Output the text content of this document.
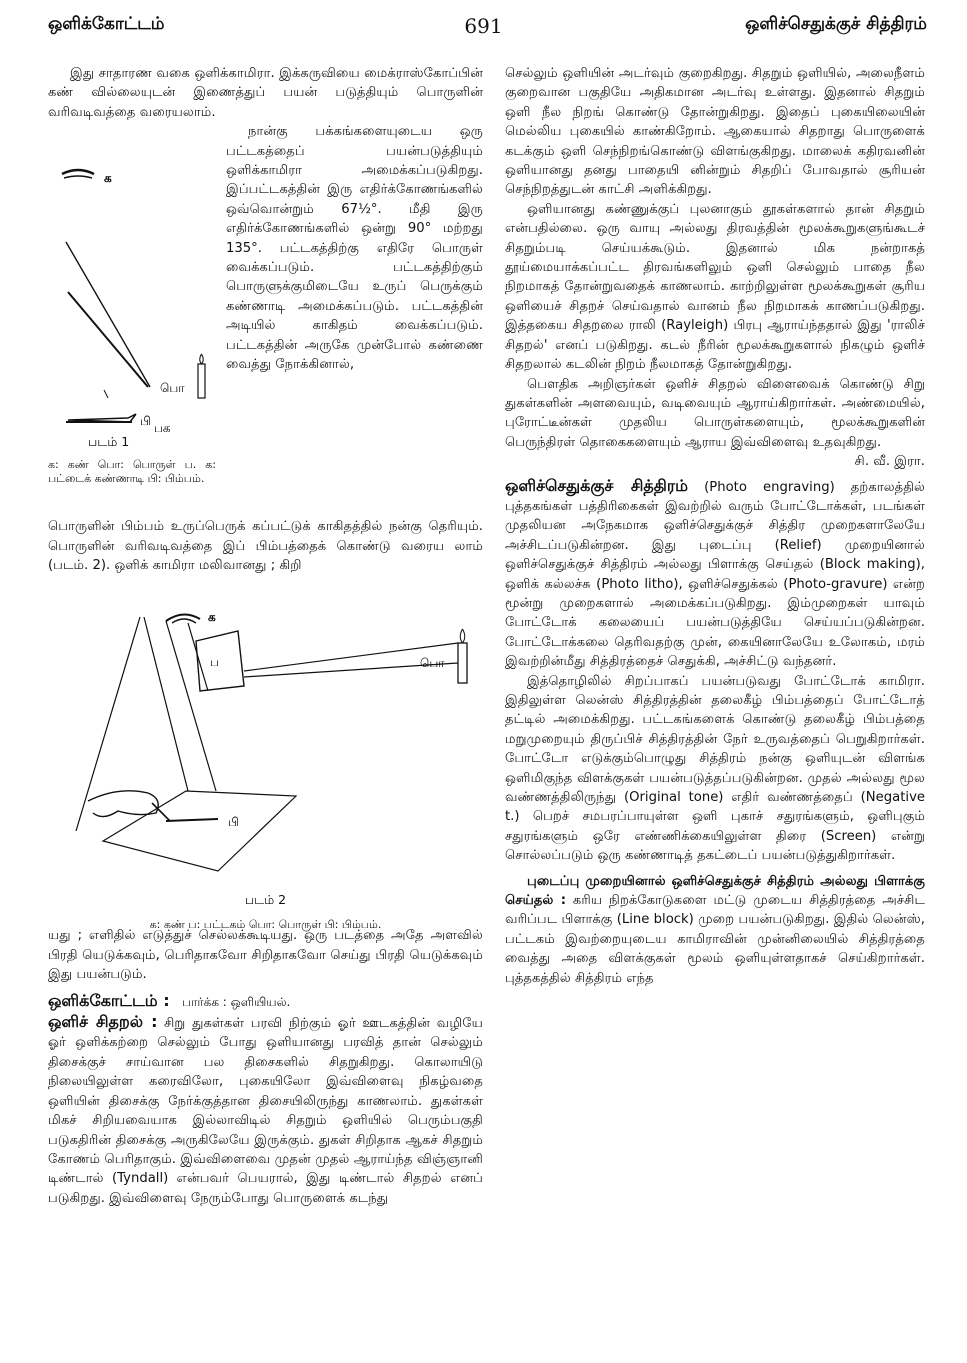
ஒளிக்கோட்டம்	691	ஒளிச்செதுக்குச் சித்திரம்

இது சாதாரண வகை ஒளிக்காமிரா. இக்கருவியை மைக்ராஸ்கோப்பின் கண் வில்லையுடன் இணைத்துப் பயன் படுத்தியும் பொருளின் வரிவடிவத்தை வரையலாம்.

க
பொ
பக
பி
படம் 1
க: கண் பொ: பொருள் ப. க: பட்டைக் கண்ணாடி பி: பிம்பம்.

நான்கு பக்கங்களையுடைய ஒரு பட்டகத்தைப் பயன்படுத்தியும் ஒளிக்காமிரா அமைக்கப்படுகிறது. இப்பட்டகத்தின் இரு எதிர்க்கோணங்களில் ஒவ்வொன்றும் 67½°. மீதி இரு எதிர்க்கோணங்களில் ஒன்று 90° மற்றது 135°. பட்டகத்திற்கு எதிரே பொருள் வைக்கப்படும். பட்டகத்திற்கும் பொருளுக்குமிடையே உருப் பெருக்கும் கண்ணாடி அமைக்கப்படும். பட்டகத்தின் அடியில் காகிதம் வைக்கப்படும். பட்டகத்தின் அருகே முன்போல் கண்ணை வைத்து நோக்கினால்,

பொருளின் பிம்பம் உருப்பெருக் கப்பட்டுக் காகிதத்தில் நன்கு தெரியும். பொருளின் வரிவடிவத்தை இப் பிம்பத்தைக் கொண்டு வரைய லாம் (படம். 2). ஒளிக் காமிரா மலிவானது ; கிறி

க
ப	பொ
பி
படம் 2
க: கண் ப: பட்டகம் பொ: பொருள் பி: பிம்பம்.

யது ; எளிதில் எடுத்துச் செல்லக்கூடியது. ஒரு படத்தை அதே அளவில் பிரதி யெடுக்கவும், பெரிதாகவோ சிறிதாகவோ செய்து பிரதி யெடுக்கவும் இது பயன்படும்.

ஒளிக்கோட்டம் : பார்க்க : ஒளியியல்.

ஒளிச் சிதறல் : சிறு துகள்கள் பரவி நிற்கும் ஓர் ஊடகத்தின் வழியே ஓர் ஒளிக்கற்றை செல்லும் போது ஒளியானது பரவித் தான் செல்லும் திசைக்குச் சாய்வான பல திசைகளில் சிதறுகிறது. கொலாயிடு நிலையிலுள்ள கரைவிலோ, புகையிலோ இவ்விளைவு நிகழ்வதை ஒளியின் திசைக்கு நேர்க்குத்தான திசையிலிருந்து காணலாம். துகள்கள் மிகச் சிறியவையாக இல்லாவிடில் சிதறும் ஒளியில் பெரும்பகுதி படுகதிரின் திசைக்கு அருகிலேயே இருக்கும். துகள் சிறிதாக ஆகச் சிதறும் கோணம் பெரிதாகும். இவ்விளைவை முதன் முதல் ஆராய்ந்த விஞ்ஞானி டிண்டால் (Tyndall) என்பவர் பெயரால், இது டிண்டால் சிதறல் எனப் படுகிறது. இவ்விளைவு நேரும்போது பொருளைக் கடந்து

செல்லும் ஒளியின் அடர்வும் குறைகிறது. சிதறும் ஒளியில், அலைநீளம் குறைவான பகுதியே அதிகமான அடர்வு உள்ளது. இதனால் சிதறும் ஒளி நீல நிறங் கொண்டு தோன்றுகிறது. இதைப் புகையிலையின் மெல்லிய புகையில் காண்கிறோம். ஆகையால் சிதறாது பொருளைக் கடக்கும் ஒளி செந்நிறங்கொண்டு விளங்குகிறது. மாலைக் கதிரவனின் ஒளியானது தனது பாதையி னின்றும் சிதறிப் போவதால் சூரியன் செந்நிறத்துடன் காட்சி அளிக்கிறது.

ஒளியானது கண்ணுக்குப் புலனாகும் தூகள்களால் தான் சிதறும் என்பதில்லை. ஒரு வாயு அல்லது திரவத்தின் மூலக்கூறுகளுங்கூடச் சிதறும்படி செய்யக்கூடும். இதனால் மிக நன்றாகத் தூய்மையாக்கப்பட்ட திரவங்களிலும் ஒளி செல்லும் பாதை நீல நிறமாகத் தோன்றுவதைக் காணலாம். காற்றிலுள்ள மூலக்கூறுகள் சூரிய ஒளியைச் சிதறச் செய்வதால் வானம் நீல நிறமாகக் காணப்படுகிறது. இத்தகைய சிதறலை ராலி (Rayleigh) பிரபு ஆராய்ந்ததால் இது 'ராலிச் சிதறல்' எனப் படுகிறது. கடல் நீரின் மூலக்கூறுகளால் நிகழும் ஒளிச் சிதறலால் கடலின் நிறம் நீலமாகத் தோன்றுகிறது.

பௌதிக அறிஞர்கள் ஒளிச் சிதறல் விளைவைக் கொண்டு சிறு துகள்களின் அளவையும், வடிவையும் ஆராய்கிறார்கள். அண்மையில், புரோட்டீன்கள் முதலிய பொருள்களையும், மூலக்கூறுகளின் பெருந்திரள் தொகைகளையும் ஆராய இவ்விளைவு உதவுகிறது.

சி. வீ. இரா.

ஒளிச்செதுக்குச் சித்திரம் (Photo engraving) தற்காலத்தில் புத்தகங்கள் பத்திரிகைகள் இவற்றில் வரும் போட்டோக்கள், படங்கள் முதலியன அநேகமாக ஒளிச்செதுக்குச் சித்திர முறைகளாலேயே அச்சிடப்படுகின்றன. இது புடைப்பு (Relief) முறையினால் ஒளிச்செதுக்குச் சித்திரம் அல்லது பிளாக்கு செய்தல் (Block making), ஒளிக் கல்லச்சு (Photo litho), ஒளிச்செதுக்கல் (Photo-gravure) என்ற மூன்று முறைகளால் அமைக்கப்படுகிறது. இம்முறைகள் யாவும் போட்டோக் கலையைப் பயன்படுத்தியே செய்யப்படுகின்றன. போட்டோக்கலை தெரிவதற்கு முன், கையினாலேயே உலோகம், மரம் இவற்றின்மீது சித்திரத்தைச் செதுக்கி, அச்சிட்டு வந்தனர்.

இத்தொழிலில் சிறப்பாகப் பயன்படுவது போட்டோக் காமிரா. இதிலுள்ள லென்ஸ் சித்திரத்தின் தலைகீழ் பிம்பத்தைப் போட்டோத் தட்டில் அமைக்கிறது. பட்டகங்களைக் கொண்டு தலைகீழ் பிம்பத்தை மறுமுறையும் திருப்பிச் சித்திரத்தின் நேர் உருவத்தைப் பெறுகிறார்கள். போட்டோ எடுக்கும்பொழுது சித்திரம் நன்கு ஒளியுடன் விளங்க ஒளிமிகுந்த விளக்குகள் பயன்படுத்தப்படுகின்றன. முதல் அல்லது மூல வண்ணத்திலிருந்து (Original tone) எதிர் வண்ணத்தைப் (Negative t.) பெறச் சமபரப்பாயுள்ள ஒளி புகாச் சதுரங்களும், ஒளிபுகும் சதுரங்களும் ஒரே எண்ணிக்கையிலுள்ள திரை (Screen) என்று சொல்லப்படும் ஒரு கண்ணாடித் தகட்டைப் பயன்படுத்துகிறார்கள்.

புடைப்பு முறையினால் ஒளிச்செதுக்குச் சித்திரம் அல்லது பிளாக்கு செய்தல் : கரிய நிறக்கோடுகளை மட்டு முடைய சித்திரத்தை அச்சிட வரிப்பட பிளாக்கு (Line block) முறை பயன்படுகிறது. இதில் லென்ஸ், பட்டகம் இவற்றையுடைய காமிராவின் முன்னிலையில் சித்திரத்தை வைத்து அதை விளக்குகள் மூலம் ஒளியுள்ளதாகச் செய்கிறார்கள். புத்தகத்தில் சித்திரம் எந்த
